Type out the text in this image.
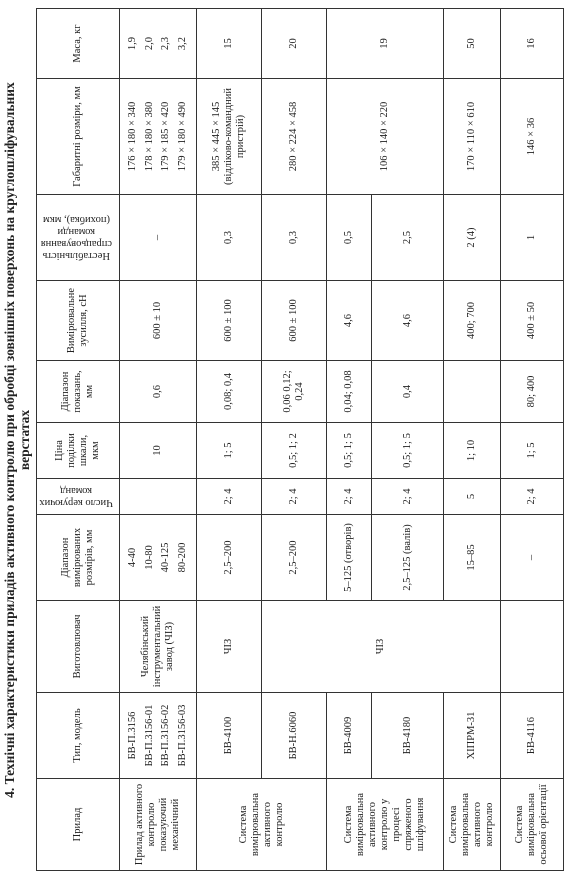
4. Технічні характеристики приладів активного контролю при обробці зовнішніх поверхонь на круглошліфувальних верстатах
Прилад	Тип, модель	Виготовлювач	Діапазон вимірюваних розмірів, мм	Число керуючих команд	Ціна поділки шкали, мкм	Діапазон показань, мм	Вимірювальне зусилля, сН	Нестабільність спрацьовування команди (похибка), мкм	Габаритні розміри, мм	Маса, кг
Прилад активного контролю показуючий механічний	БВ-П.3156 БВ-П.3156-01 БВ-П.3156-02 БВ-П.3156-03	Челябінський інструментальний завод (ЧІЗ)	4-40 10-80 40-125 80-200		10	0,6	600 ± 10	–	176 × 180 × 340 178 × 180 × 380 179 × 185 × 420 179 × 180 × 490	1,9 2,0 2,3 3,2

Система вимірювальна активного контролю	БВ-4100	ЧІЗ	2,5–200	2; 4	1; 5	0,08; 0,4	600 ± 100	0,3	385 × 445 × 145 (відліково-командний пристрій)	15
	БВ-Н.6060	ЧІЗ	2,5–200	2; 4	0,5; 1; 2	0,06 0,12; 0,24	600 ± 100	0,3	280 × 224 × 458	20
Система вимірювальна активного контролю у процесі спряженого шліфування	БВ-4009		5–125 (отворів)	2; 4	0,5; 1; 5	0,04; 0,08	4,6	0,5	106 × 140 × 220	19
	БВ-4180		2,5–125 (валів)	2; 4	0,5; 1; 5	0,4	4,6	2,5		
Система вимірювальна активного контролю	ХІПРМ-31		15–85	5	1; 10		400; 700	2 (4)	170 × 110 × 610	50
Система вимірювальна осьової орієнтації	БВ-4116		–	2; 4	1; 5	80; 400	400 ± 50	1	146 × 36	16
